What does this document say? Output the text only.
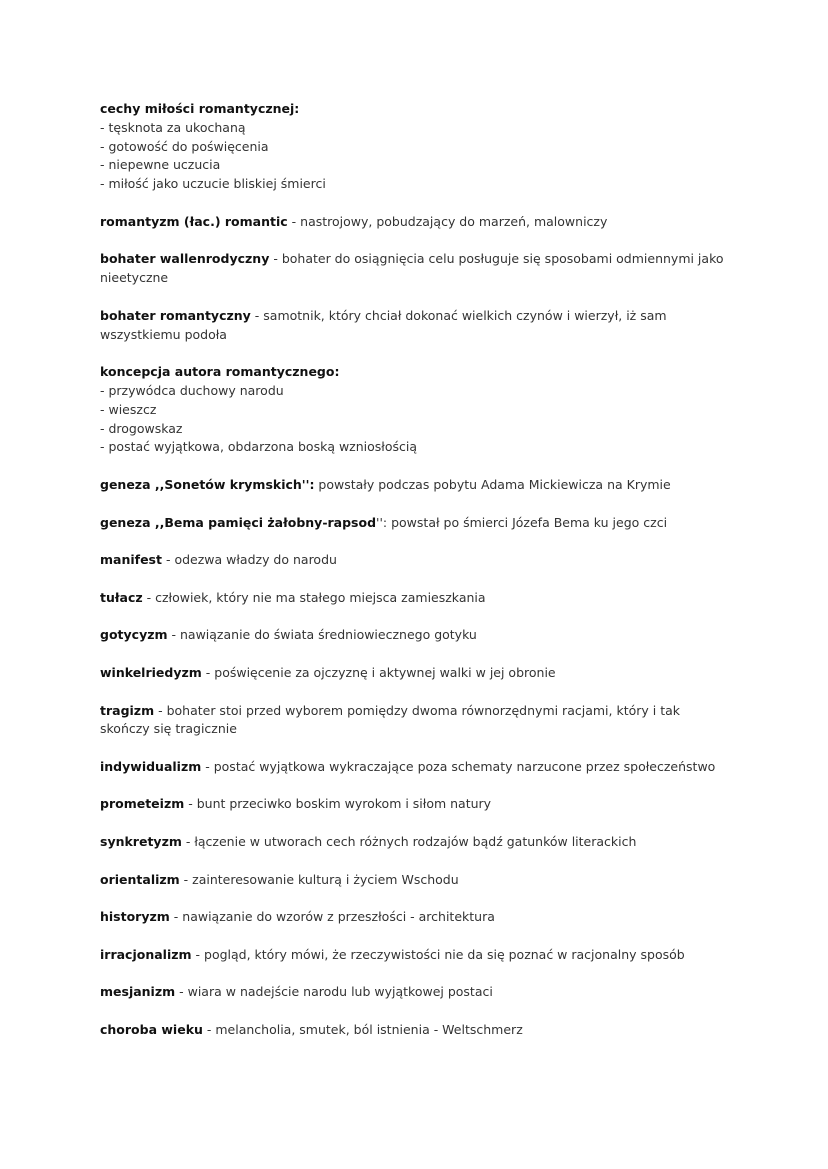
cechy miłości romantycznej:
- tęsknota za ukochaną
- gotowość do poświęcenia
- niepewne uczucia
- miłość jako uczucie bliskiej śmierci
romantyzm (łac.) romantic - nastrojowy, pobudzający do marzeń, malowniczy
bohater wallenrodyczny - bohater do osiągnięcia celu posługuje się sposobami odmiennymi jako nieetyczne
bohater romantyczny - samotnik, który chciał dokonać wielkich czynów i wierzył, iż sam wszystkiemu podoła
koncepcja autora romantycznego:
- przywódca duchowy narodu
- wieszcz
- drogowskaz
- postać wyjątkowa, obdarzona boską wzniosłością
geneza ,,Sonetów krymskich'': powstały podczas pobytu Adama Mickiewicza na Krymie
geneza ,,Bema pamięci żałobny-rapsod'': powstał po śmierci Józefa Bema ku jego czci
manifest - odezwa władzy do narodu
tułacz - człowiek, który nie ma stałego miejsca zamieszkania
gotycyzm - nawiązanie do świata średniowiecznego gotyku
winkelriedyzm - poświęcenie za ojczyznę i aktywnej walki w jej obronie
tragizm - bohater stoi przed wyborem pomiędzy dwoma równorzędnymi racjami, który i tak skończy się tragicznie
indywidualizm - postać wyjątkowa wykraczające poza schematy narzucone przez społeczeństwo
prometeizm - bunt przeciwko boskim wyrokom i siłom natury
synkretyzm - łączenie w utworach cech różnych rodzajów bądź gatunków literackich
orientalizm - zainteresowanie kulturą i życiem Wschodu
historyzm - nawiązanie do wzorów z przeszłości - architektura
irracjonalizm - pogląd, który mówi, że rzeczywistości nie da się poznać w racjonalny sposób
mesjanizm - wiara w nadejście narodu lub wyjątkowej postaci
choroba wieku - melancholia, smutek, ból istnienia - Weltschmerz
